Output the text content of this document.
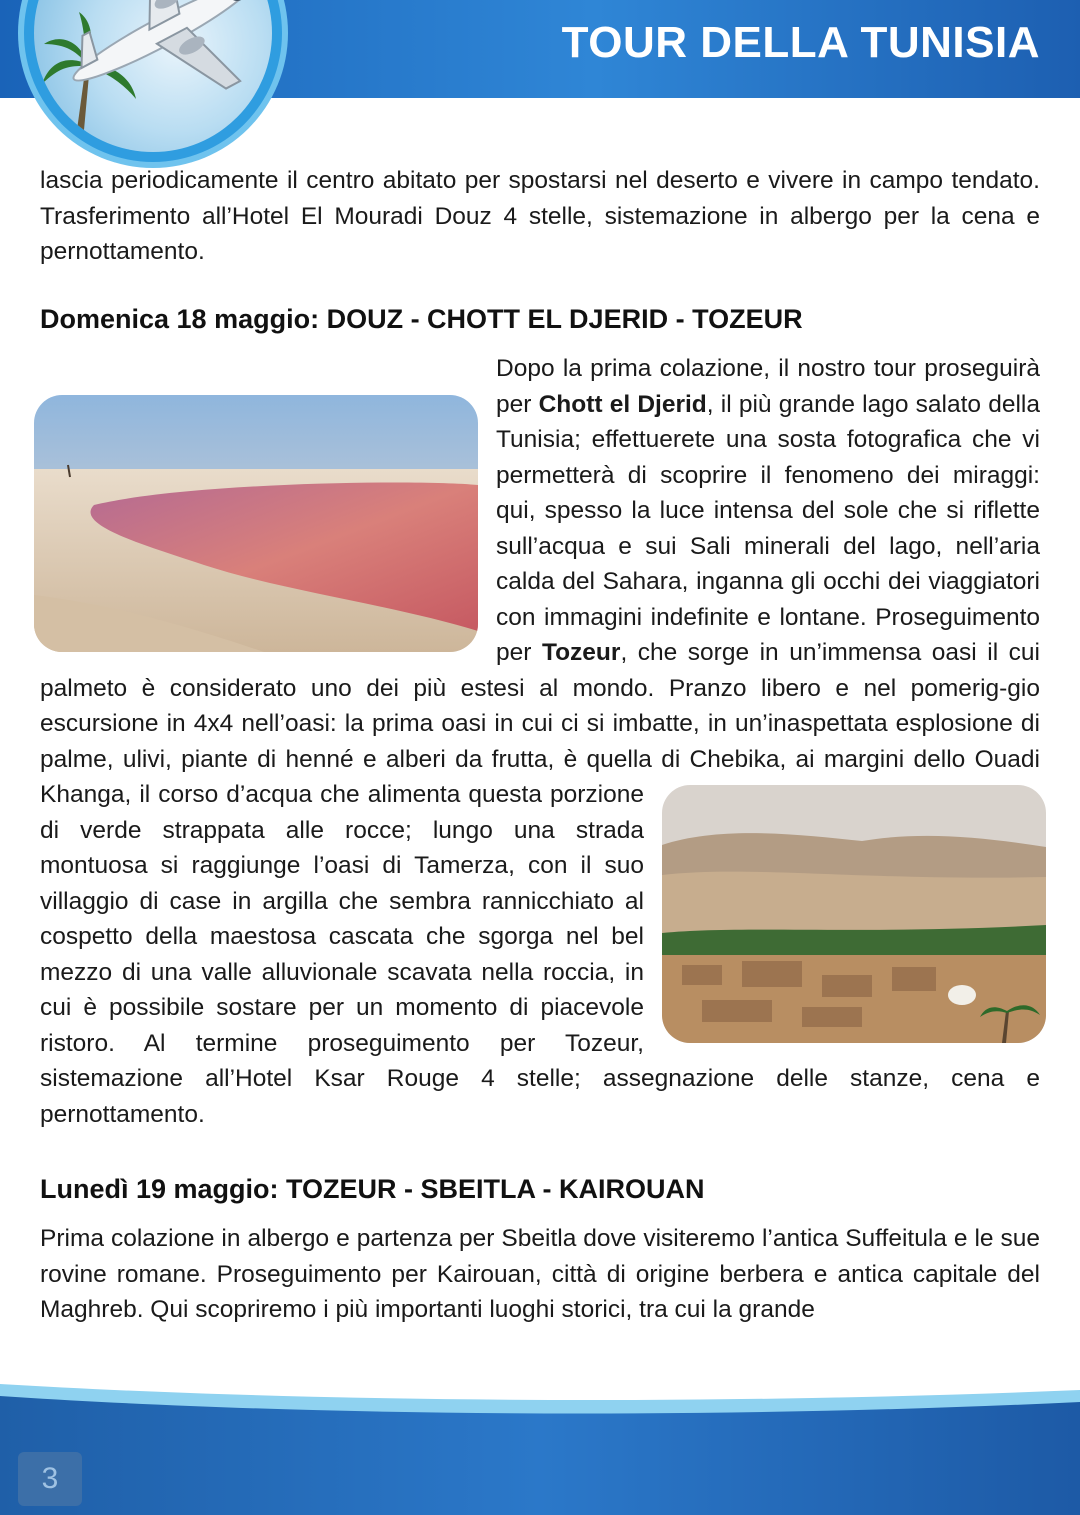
TOUR DELLA TUNISIA

lascia periodicamente il centro abitato per spostarsi nel deserto e vivere in campo tendato. Trasferimento all’Hotel El Mouradi Douz 4 stelle, sistemazione in albergo per la cena e pernottamento.

Domenica 18 maggio: DOUZ - CHOTT EL DJERID - TOZEUR

Dopo la prima colazione, il nostro tour proseguirà per Chott el Djerid, il più grande lago salato della Tunisia; effettuerete una sosta fotografica che vi permetterà di scoprire il fenomeno dei miraggi: qui, spesso la luce intensa del sole che si riflette sull’acqua e sui Sali minerali del lago, nell’aria calda del Sahara, inganna gli occhi dei viaggiatori con immagini indefinite e lontane. Proseguimento per Tozeur, che sorge in un’immensa oasi il cui palmeto è considerato uno dei più estesi al mondo. Pranzo libero e nel pomerig-gio escursione in 4x4 nell’oasi: la prima oasi in cui ci si imbatte, in un’inaspettata esplosione di palme, ulivi, piante di henné e alberi da frutta, è quella di Chebika, ai
margini dello Ouadi Khanga, il corso d’acqua che alimenta questa porzione di verde strappata alle rocce; lungo una strada montuosa si raggiunge l’oasi di Tamerza, con il suo villaggio di case in argilla che sembra rannicchiato al cospetto della maestosa cascata che sgorga nel bel mezzo di una valle alluvionale scavata nella roccia, in cui è possibile sostare per un momento di piacevole ristoro. Al termine proseguimento per Tozeur, sistemazione all’Hotel Ksar Rouge 4 stelle; assegnazione delle stanze, cena e pernottamento.

Lunedì 19 maggio: TOZEUR - SBEITLA - KAIROUAN

Prima colazione in albergo e partenza per Sbeitla dove visiteremo l’antica Suffeitula e le sue rovine romane. Proseguimento per Kairouan, città di origine berbera e antica capitale del Maghreb. Qui scopriremo i più importanti luoghi storici, tra cui la grande

3
